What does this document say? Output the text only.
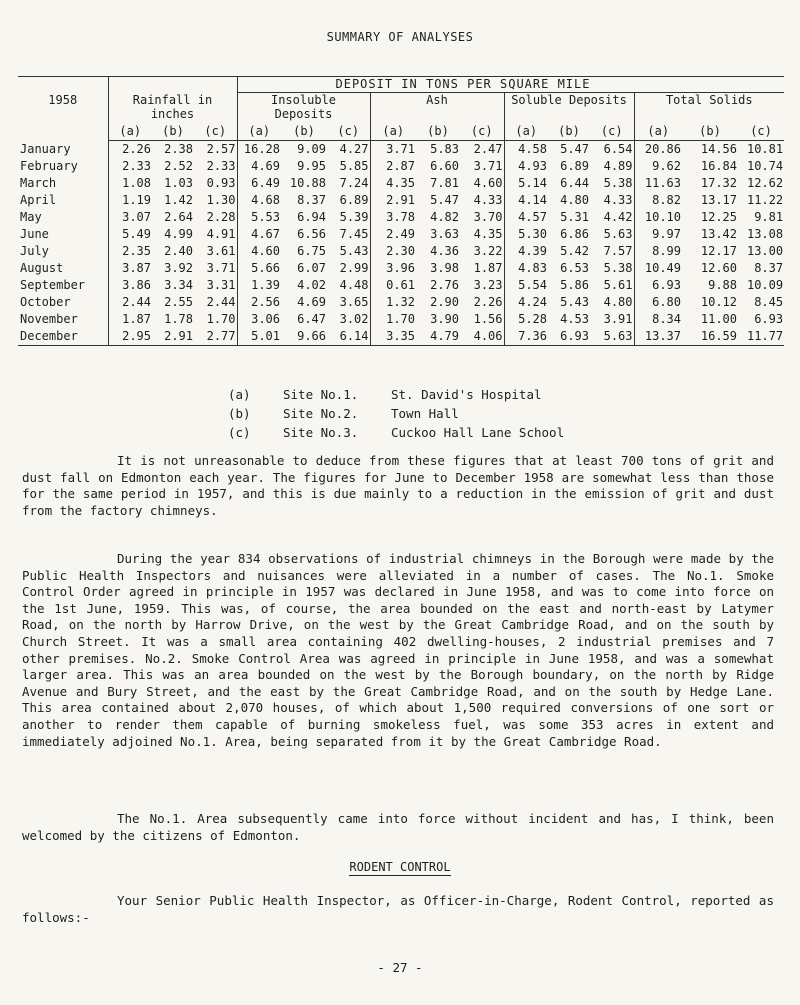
SUMMARY OF ANALYSES
				DEPOSIT IN TONS PER SQUARE MILE											
1958	Rainfall in inches			Insoluble Deposits			Ash			Soluble Deposits			Total Solids		
	(a)	(b)	(c)	(a)	(b)	(c)	(a)	(b)	(c)	(a)	(b)	(c)	(a)	(b)	(c)
January	2.26	2.38	2.57	16.28	9.09	4.27	3.71	5.83	2.47	4.58	5.47	6.54	20.86	14.56	10.81
February	2.33	2.52	2.33	4.69	9.95	5.85	2.87	6.60	3.71	4.93	6.89	4.89	9.62	16.84	10.74
March	1.08	1.03	0.93	6.49	10.88	7.24	4.35	7.81	4.60	5.14	6.44	5.38	11.63	17.32	12.62
April	1.19	1.42	1.30	4.68	8.37	6.89	2.91	5.47	4.33	4.14	4.80	4.33	8.82	13.17	11.22
May	3.07	2.64	2.28	5.53	6.94	5.39	3.78	4.82	3.70	4.57	5.31	4.42	10.10	12.25	9.81
June	5.49	4.99	4.91	4.67	6.56	7.45	2.49	3.63	4.35	5.30	6.86	5.63	9.97	13.42	13.08
July	2.35	2.40	3.61	4.60	6.75	5.43	2.30	4.36	3.22	4.39	5.42	7.57	8.99	12.17	13.00
August	3.87	3.92	3.71	5.66	6.07	2.99	3.96	3.98	1.87	4.83	6.53	5.38	10.49	12.60	8.37
September	3.86	3.34	3.31	1.39	4.02	4.48	0.61	2.76	3.23	5.54	5.86	5.61	6.93	9.88	10.09
October	2.44	2.55	2.44	2.56	4.69	3.65	1.32	2.90	2.26	4.24	5.43	4.80	6.80	10.12	8.45
November	1.87	1.78	1.70	3.06	6.47	3.02	1.70	3.90	1.56	5.28	4.53	3.91	8.34	11.00	6.93
December	2.95	2.91	2.77	5.01	9.66	6.14	3.35	4.79	4.06	7.36	6.93	5.63	13.37	16.59	11.77
(a)	Site No.1.	St. David's Hospital
(b)	Site No.2.	Town Hall
(c)	Site No.3.	Cuckoo Hall Lane School
It is not unreasonable to deduce from these figures that at least 700 tons of grit and dust fall on Edmonton each year. The figures for June to December 1958 are somewhat less than those for the same period in 1957, and this is due mainly to a reduction in the emission of grit and dust from the factory chimneys.
During the year 834 observations of industrial chimneys in the Borough were made by the Public Health Inspectors and nuisances were alleviated in a number of cases. The No.1. Smoke Control Order agreed in principle in 1957 was declared in June 1958, and was to come into force on the 1st June, 1959. This was, of course, the area bounded on the east and north-east by Latymer Road, on the north by Harrow Drive, on the west by the Great Cambridge Road, and on the south by Church Street. It was a small area containing 402 dwelling-houses, 2 industrial premises and 7 other premises. No.2. Smoke Control Area was agreed in principle in June 1958, and was a somewhat larger area. This was an area bounded on the west by the Borough boundary, on the north by Ridge Avenue and Bury Street, and the east by the Great Cambridge Road, and on the south by Hedge Lane. This area contained about 2,070 houses, of which about 1,500 required conversions of one sort or another to render them capable of burning smokeless fuel, was some 353 acres in extent and immediately adjoined No.1. Area, being separated from it by the Great Cambridge Road.
The No.1. Area subsequently came into force without incident and has, I think, been welcomed by the citizens of Edmonton.
RODENT CONTROL
Your Senior Public Health Inspector, as Officer-in-Charge, Rodent Control, reported as follows:-
- 27 -
